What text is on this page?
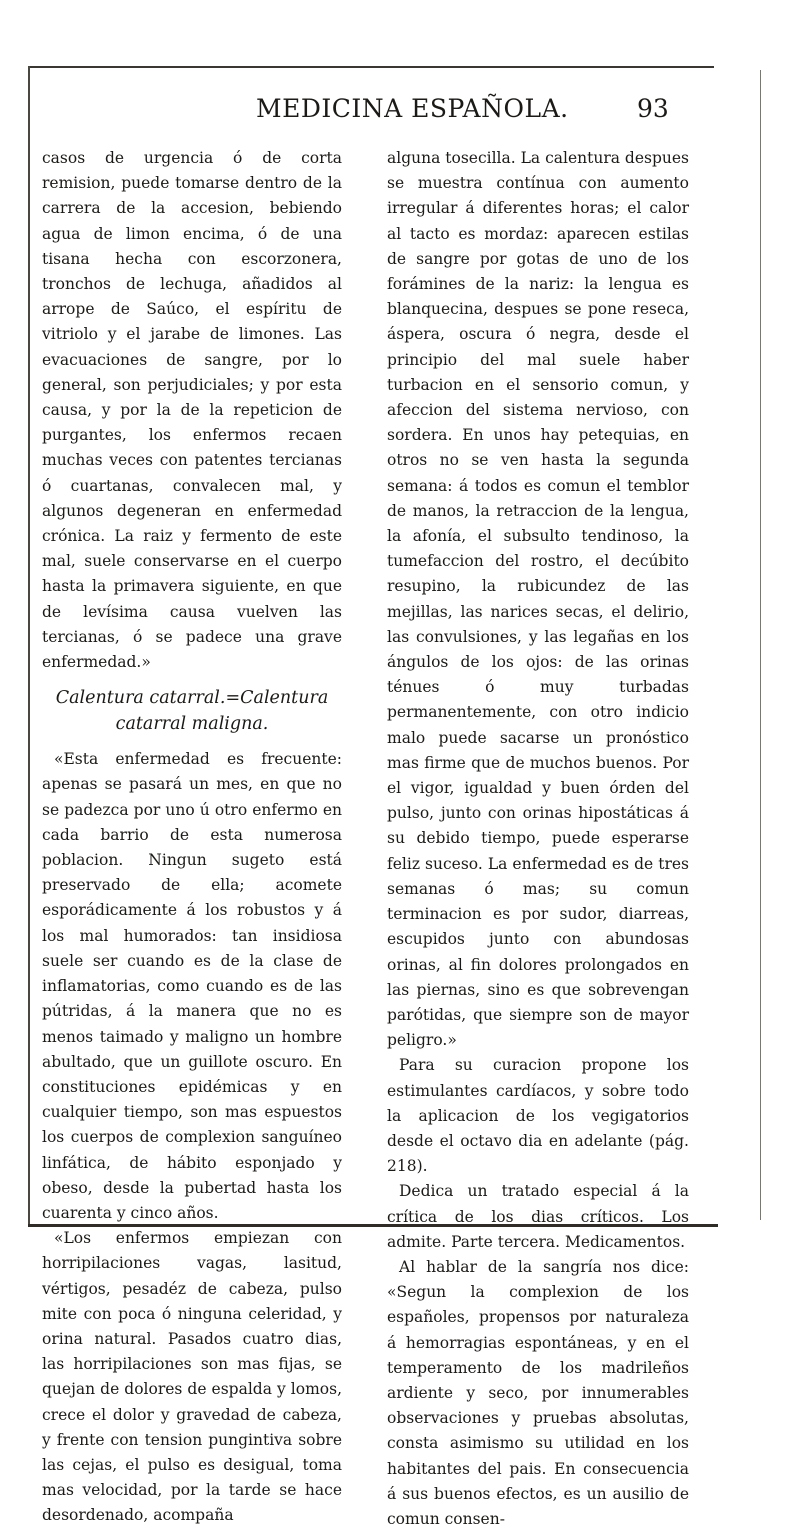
MEDICINA ESPAÑOLA.	93

casos de urgencia ó de corta remision, puede tomarse dentro de la carrera de la accesion, bebiendo agua de limon encima, ó de una tisana hecha con escorzonera, tronchos de lechuga, añadidos al arrope de Saúco, el espíritu de vitriolo y el jarabe de limones. Las evacuaciones de sangre, por lo general, son perjudiciales; y por esta causa, y por la de la repeticion de purgantes, los enfermos recaen muchas veces con patentes tercianas ó cuartanas, convalecen mal, y algunos degeneran en enfermedad crónica. La raiz y fermento de este mal, suele conservarse en el cuerpo hasta la primavera siguiente, en que de levísima causa vuelven las tercianas, ó se padece una grave enfermedad.»

Calentura catarral.=Calentura catarral maligna.

«Esta enfermedad es frecuente: apenas se pasará un mes, en que no se padezca por uno ú otro enfermo en cada barrio de esta numerosa poblacion. Ningun sugeto está preservado de ella; acomete esporádicamente á los robustos y á los mal humorados: tan insidiosa suele ser cuando es de la clase de inflamatorias, como cuando es de las pútridas, á la manera que no es menos taimado y maligno un hombre abultado, que un guillote oscuro. En constituciones epidémicas y en cualquier tiempo, son mas espuestos los cuerpos de complexion sanguíneo linfática, de hábito esponjado y obeso, desde la pubertad hasta los cuarenta y cinco años.

«Los enfermos empiezan con horripilaciones vagas, lasitud, vértigos, pesadéz de cabeza, pulso mite con poca ó ninguna celeridad, y orina natural. Pasados cuatro dias, las horripilaciones son mas fijas, se quejan de dolores de espalda y lomos, crece el dolor y gravedad de cabeza, y frente con tension pungintiva sobre las cejas, el pulso es desigual, toma mas velocidad, por la tarde se hace desordenado, acompaña

alguna tosecilla. La calentura despues se muestra contínua con aumento irregular á diferentes horas; el calor al tacto es mordaz: aparecen estilas de sangre por gotas de uno de los forámines de la nariz: la lengua es blanquecina, despues se pone reseca, áspera, oscura ó negra, desde el principio del mal suele haber turbacion en el sensorio comun, y afeccion del sistema nervioso, con sordera. En unos hay petequias, en otros no se ven hasta la segunda semana: á todos es comun el temblor de manos, la retraccion de la lengua, la afonía, el subsulto tendinoso, la tumefaccion del rostro, el decúbito resupino, la rubicundez de las mejillas, las narices secas, el delirio, las convulsiones, y las legañas en los ángulos de los ojos: de las orinas ténues ó muy turbadas permanentemente, con otro indicio malo puede sacarse un pronóstico mas firme que de muchos buenos. Por el vigor, igualdad y buen órden del pulso, junto con orinas hipostáticas á su debido tiempo, puede esperarse feliz suceso. La enfermedad es de tres semanas ó mas; su comun terminacion es por sudor, diarreas, escupidos junto con abundosas orinas, al fin dolores prolongados en las piernas, sino es que sobrevengan parótidas, que siempre son de mayor peligro.»

Para su curacion propone los estimulantes cardíacos, y sobre todo la aplicacion de los vegigatorios desde el octavo dia en adelante (pág. 218).

Dedica un tratado especial á la crítica de los dias críticos. Los admite. Parte tercera. Medicamentos.

Al hablar de la sangría nos dice: «Segun la complexion de los españoles, propensos por naturaleza á hemorragias espontáneas, y en el temperamento de los madrileños ardiente y seco, por innumerables observaciones y pruebas absolutas, consta asimismo su utilidad en los habitantes del pais. En consecuencia á sus buenos efectos, es un ausilio de comun consen-
